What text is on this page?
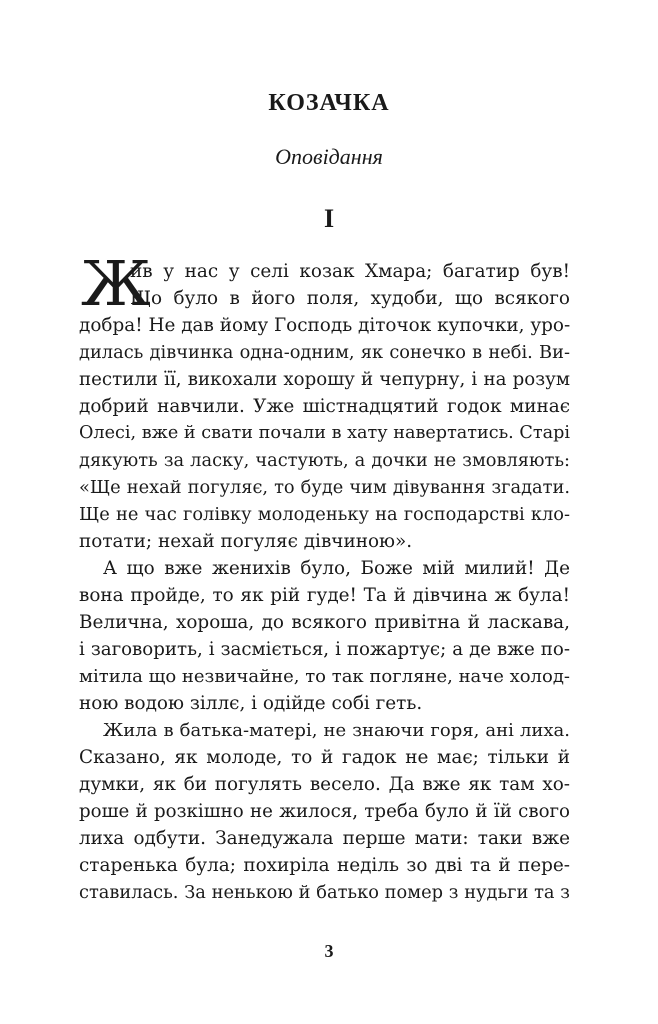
КОЗАЧКА
Оповідання
I
Ж
ив у нас у селі козак Хмара; багатир був!
Що було в його поля, худоби, що всякого
добра! Не дав йому Господь діточок купочки, уро-
дилась дівчинка одна-одним, як сонечко в небі. Ви-
пестили її, викохали хорошу й чепурну, і на розум
добрий навчили. Уже шістнадцятий годок минає
Олесі, вже й свати почали в хату навертатись. Старі
дякують за ласку, частують, а дочки не змовляють:
«Ще нехай погуляє, то буде чим дівування згадати.
Ще не час голівку молоденьку на господарстві кло-
потати; нехай погуляє дівчиною».
А що вже женихів було, Боже мій милий! Де
вона пройде, то як рій гуде! Та й дівчина ж була!
Велична, хороша, до всякого привітна й ласкава,
і заговорить, і засміється, і пожартує; а де вже по-
мітила що незвичайне, то так погляне, наче холод-
ною водою зіллє, і одійде собі геть.
Жила в батька-матері, не знаючи горя, ані лиха.
Сказано, як молоде, то й гадок не має; тільки й
думки, як би погулять весело. Да вже як там хо-
роше й розкішно не жилося, треба було й їй свого
лиха одбути. Занедужала перше мати: таки вже
старенька була; похиріла неділь зо дві та й пере-
ставилась. За ненькою й батько помер з нудьги та з
3
